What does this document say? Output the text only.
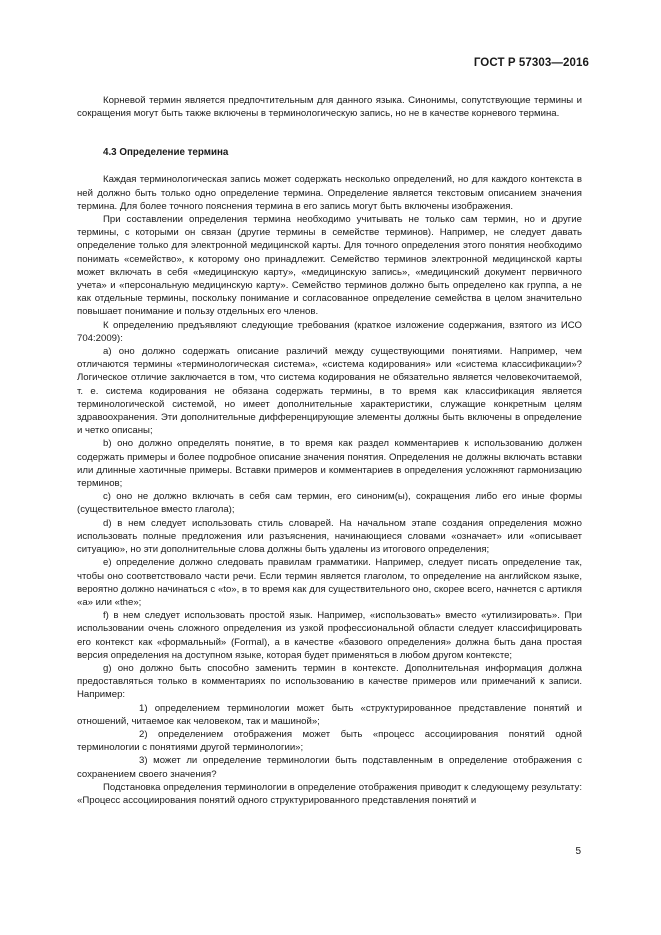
ГОСТ Р 57303—2016

Корневой термин является предпочтительным для данного языка. Синонимы, сопутствующие термины и сокращения могут быть также включены в терминологическую запись, но не в качестве корневого термина.

4.3 Определение термина

Каждая терминологическая запись может содержать несколько определений, но для каждого контекста в ней должно быть только одно определение термина. Определение является текстовым описанием значения термина. Для более точного пояснения термина в его запись могут быть включены изображения.

При составлении определения термина необходимо учитывать не только сам термин, но и другие термины, с которыми он связан (другие термины в семействе терминов). Например, не следует давать определение только для электронной медицинской карты. Для точного определения этого понятия необходимо понимать «семейство», к которому оно принадлежит. Семейство терминов электронной медицинской карты может включать в себя «медицинскую карту», «медицинскую запись», «медицинский документ первичного учета» и «персональную медицинскую карту». Семейство терминов должно быть определено как группа, а не как отдельные термины, поскольку понимание и согласованное определение семейства в целом значительно повышает понимание и пользу отдельных его членов.

К определению предъявляют следующие требования (краткое изложение содержания, взятого из ИСО 704:2009):

a) оно должно содержать описание различий между существующими понятиями. Например, чем отличаются термины «терминологическая система», «система кодирования» или «система классификации»? Логическое отличие заключается в том, что система кодирования не обязательно является человекочитаемой, т. е. система кодирования не обязана содержать термины, в то время как классификация является терминологической системой, но имеет дополнительные характеристики, служащие конкретным целям здравоохранения. Эти дополнительные дифференцирующие элементы должны быть включены в определение и четко описаны;

b) оно должно определять понятие, в то время как раздел комментариев к использованию должен содержать примеры и более подробное описание значения понятия. Определения не должны включать вставки или длинные хаотичные примеры. Вставки примеров и комментариев в определения усложняют гармонизацию терминов;

c) оно не должно включать в себя сам термин, его синоним(ы), сокращения либо его иные формы (существительное вместо глагола);

d) в нем следует использовать стиль словарей. На начальном этапе создания определения можно использовать полные предложения или разъяснения, начинающиеся словами «означает» или «описывает ситуацию», но эти дополнительные слова должны быть удалены из итогового определения;

e) определение должно следовать правилам грамматики. Например, следует писать определение так, чтобы оно соответствовало части речи. Если термин является глаголом, то определение на английском языке, вероятно должно начинаться с «to», в то время как для существительного оно, скорее всего, начнется с артикля «a» или «the»;

f) в нем следует использовать простой язык. Например, «использовать» вместо «утилизировать». При использовании очень сложного определения из узкой профессиональной области следует классифицировать его контекст как «формальный» (Formal), а в качестве «базового определения» должна быть дана простая версия определения на доступном языке, которая будет применяться в любом другом контексте;

g) оно должно быть способно заменить термин в контексте. Дополнительная информация должна предоставляться только в комментариях по использованию в качестве примеров или примечаний к записи. Например:

1) определением терминологии может быть «структурированное представление понятий и отношений, читаемое как человеком, так и машиной»;

2) определением отображения может быть «процесс ассоциирования понятий одной терминологии с понятиями другой терминологии»;

3) может ли определение терминологии быть подставленным в определение отображения с сохранением своего значения?

Подстановка определения терминологии в определение отображения приводит к следующему результату: «Процесс ассоциирования понятий одного структурированного представления понятий и

5
